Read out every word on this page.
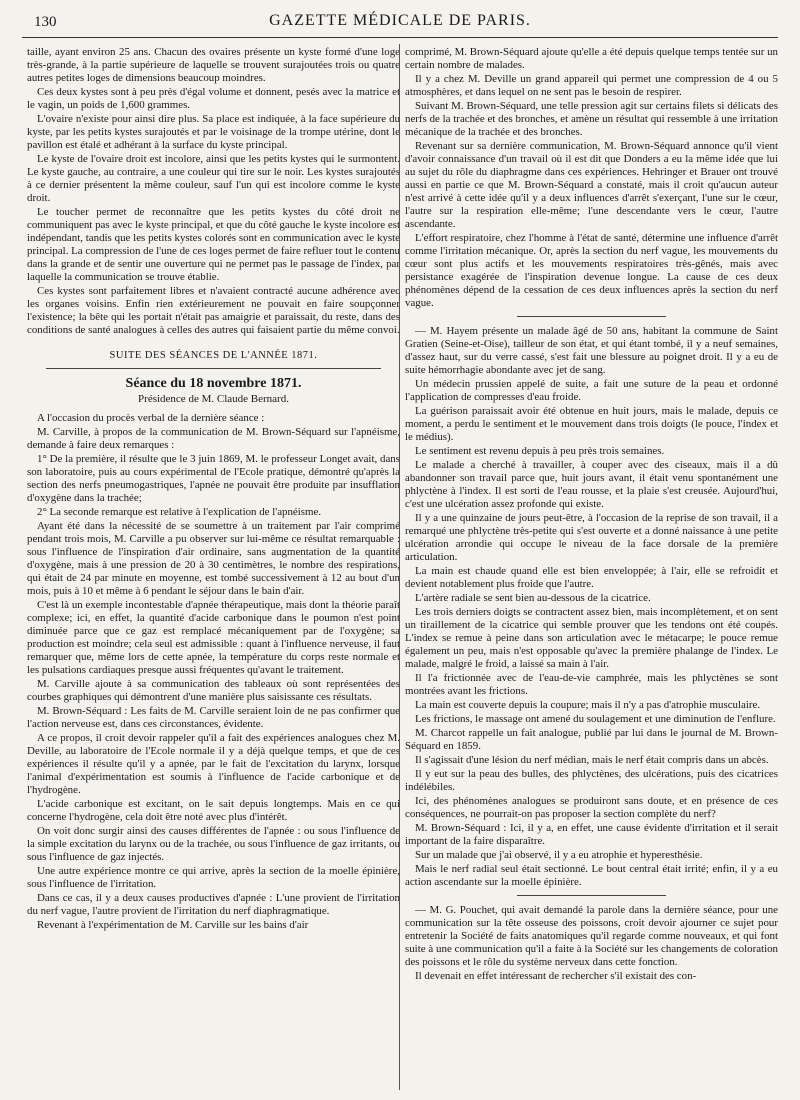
130	GAZETTE MÉDICALE DE PARIS.

taille, ayant environ 25 ans. Chacun des ovaires présente un kyste formé d'une loge très-grande, à la partie supérieure de laquelle se trouvent surajoutées trois ou quatre autres petites loges de dimensions beaucoup moindres.

Ces deux kystes sont à peu près d'égal volume et donnent, pesés avec la matrice et le vagin, un poids de 1,600 grammes.

L'ovaire n'existe pour ainsi dire plus. Sa place est indiquée, à la face supérieure du kyste, par les petits kystes surajoutés et par le voisinage de la trompe utérine, dont le pavillon est étalé et adhérant à la surface du kyste principal.

Le kyste de l'ovaire droit est incolore, ainsi que les petits kystes qui le surmontent. Le kyste gauche, au contraire, a une couleur qui tire sur le noir. Les kystes surajoutés à ce dernier présentent la même couleur, sauf l'un qui est incolore comme le kyste droit.

Le toucher permet de reconnaître que les petits kystes du côté droit ne communiquent pas avec le kyste principal, et que du côté gauche le kyste incolore est indépendant, tandis que les petits kystes colorés sont en communication avec le kyste principal. La compression de l'une de ces loges permet de faire refluer tout le contenu dans la grande et de sentir une ouverture qui ne permet pas le passage de l'index, par laquelle la communication se trouve établie.

Ces kystes sont parfaitement libres et n'avaient contracté aucune adhérence avec les organes voisins. Enfin rien extérieurement ne pouvait en faire soupçonner l'existence; la bête qui les portait n'était pas amaigrie et paraissait, du reste, dans des conditions de santé analogues à celles des autres qui faisaient partie du même convoi.

SUITE DES SÉANCES DE L'ANNÉE 1871.
Séance du 18 novembre 1871.
Présidence de M. Claude Bernard.

A l'occasion du procès verbal de la dernière séance :

M. Carville, à propos de la communication de M. Brown-Séquard sur l'apnéisme, demande à faire deux remarques :

1° De la première, il résulte que le 3 juin 1869, M. le professeur Longet avait, dans son laboratoire, puis au cours expérimental de l'Ecole pratique, démontré qu'après la section des nerfs pneumogastriques, l'apnée ne pouvait être produite par insufflation d'oxygène dans la trachée;

2° La seconde remarque est relative à l'explication de l'apnéisme.

Ayant été dans la nécessité de se soumettre à un traitement par l'air comprimé pendant trois mois, M. Carville a pu observer sur lui-même ce résultat remarquable : sous l'influence de l'inspiration d'air ordinaire, sans augmentation de la quantité d'oxygène, mais à une pression de 20 à 30 centimètres, le nombre des respirations, qui était de 24 par minute en moyenne, est tombé successivement à 12 au bout d'un mois, puis à 10 et même à 6 pendant le séjour dans le bain d'air.

C'est là un exemple incontestable d'apnée thérapeutique, mais dont la théorie paraît complexe; ici, en effet, la quantité d'acide carbonique dans le poumon n'est point diminuée parce que ce gaz est remplacé mécaniquement par de l'oxygène; sa production est moindre; cela seul est admissible : quant à l'influence nerveuse, il faut remarquer que, même lors de cette apnée, la température du corps reste normale et les pulsations cardiaques presque aussi fréquentes qu'avant le traitement.

M. Carville ajoute à sa communication des tableaux où sont représentées des courbes graphiques qui démontrent d'une manière plus saisissante ces résultats.

M. Brown-Séquard : Les faits de M. Carville seraient loin de ne pas confirmer que l'action nerveuse est, dans ces circonstances, évidente.

A ce propos, il croit devoir rappeler qu'il a fait des expériences analogues chez M. Deville, au laboratoire de l'Ecole normale il y a déjà quelque temps, et que de ces expériences il résulte qu'il y a apnée, par le fait de l'excitation du larynx, lorsque l'animal d'expérimentation est soumis à l'influence de l'acide carbonique et de l'hydrogène.

L'acide carbonique est excitant, on le sait depuis longtemps. Mais en ce qui concerne l'hydrogène, cela doit être noté avec plus d'intérêt.

On voit donc surgir ainsi des causes différentes de l'apnée : ou sous l'influence de la simple excitation du larynx ou de la trachée, ou sous l'influence de gaz irritants, ou sous l'influence de gaz injectés.

Une autre expérience montre ce qui arrive, après la section de la moelle épinière, sous l'influence de l'irritation.

Dans ce cas, il y a deux causes productives d'apnée : L'une provient de l'irritation du nerf vague, l'autre provient de l'irritation du nerf diaphragmatique.

Revenant à l'expérimentation de M. Carville sur les bains d'air

comprimé, M. Brown-Séquard ajoute qu'elle a été depuis quelque temps tentée sur un certain nombre de malades.

Il y a chez M. Deville un grand appareil qui permet une compression de 4 ou 5 atmosphères, et dans lequel on ne sent pas le besoin de respirer.

Suivant M. Brown-Séquard, une telle pression agit sur certains filets si délicats des nerfs de la trachée et des bronches, et amène un résultat qui ressemble à une irritation mécanique de la trachée et des bronches.

Revenant sur sa dernière communication, M. Brown-Séquard annonce qu'il vient d'avoir connaissance d'un travail où il est dit que Donders a eu la même idée que lui au sujet du rôle du diaphragme dans ces expériences. Hehringer et Brauer ont trouvé aussi en partie ce que M. Brown-Séquard a constaté, mais il croit qu'aucun auteur n'est arrivé à cette idée qu'il y a deux influences d'arrêt s'exerçant, l'une sur le cœur, l'autre sur la respiration elle-même; l'une descendante vers le cœur, l'autre ascendante.

L'effort respiratoire, chez l'homme à l'état de santé, détermine une influence d'arrêt comme l'irritation mécanique. Or, après la section du nerf vague, les mouvements du cœur sont plus actifs et les mouvements respiratoires très-gênés, mais avec persistance exagérée de l'inspiration devenue longue. La cause de ces deux phénomènes dépend de la cessation de ces deux influences après la section du nerf vague.

— M. Hayem présente un malade âgé de 50 ans, habitant la commune de Saint Gratien (Seine-et-Oise), tailleur de son état, et qui étant tombé, il y a neuf semaines, d'assez haut, sur du verre cassé, s'est fait une blessure au poignet droit. Il y a eu de suite hémorrhagie abondante avec jet de sang.

Un médecin prussien appelé de suite, a fait une suture de la peau et ordonné l'application de compresses d'eau froide.

La guérison paraissait avoir été obtenue en huit jours, mais le malade, depuis ce moment, a perdu le sentiment et le mouvement dans trois doigts (le pouce, l'index et le médius).

Le sentiment est revenu depuis à peu près trois semaines.

Le malade a cherché à travailler, à couper avec des ciseaux, mais il a dû abandonner son travail parce que, huit jours avant, il était venu spontanément une phlyctène à l'index. Il est sorti de l'eau rousse, et la plaie s'est creusée. Aujourd'hui, c'est une ulcération assez profonde qui existe.

Il y a une quinzaine de jours peut-être, à l'occasion de la reprise de son travail, il a remarqué une phlyctène très-petite qui s'est ouverte et a donné naissance à une petite ulcération arrondie qui occupe le niveau de la face dorsale de la première articulation.

La main est chaude quand elle est bien enveloppée; à l'air, elle se refroidit et devient notablement plus froide que l'autre.

L'artère radiale se sent bien au-dessous de la cicatrice.

Les trois derniers doigts se contractent assez bien, mais incomplètement, et on sent un tiraillement de la cicatrice qui semble prouver que les tendons ont été coupés. L'index se remue à peine dans son articulation avec le métacarpe; le pouce remue également un peu, mais n'est opposable qu'avec la première phalange de l'index. Le malade, malgré le froid, a laissé sa main à l'air.

Il l'a frictionnée avec de l'eau-de-vie camphrée, mais les phlyctènes se sont montrées avant les frictions.

La main est couverte depuis la coupure; mais il n'y a pas d'atrophie musculaire.

Les frictions, le massage ont amené du soulagement et une diminution de l'enflure.

M. Charcot rappelle un fait analogue, publié par lui dans le journal de M. Brown-Séquard en 1859.

Il s'agissait d'une lésion du nerf médian, mais le nerf était compris dans un abcès.

Il y eut sur la peau des bulles, des phlyctènes, des ulcérations, puis des cicatrices indélébiles.

Ici, des phénomènes analogues se produiront sans doute, et en présence de ces conséquences, ne pourrait-on pas proposer la section complète du nerf?

M. Brown-Séquard : Ici, il y a, en effet, une cause évidente d'irritation et il serait important de la faire disparaître.

Sur un malade que j'ai observé, il y a eu atrophie et hyperesthésie.

Mais le nerf radial seul était sectionné. Le bout central était irrité; enfin, il y a eu action ascendante sur la moelle épinière.

— M. G. Pouchet, qui avait demandé la parole dans la dernière séance, pour une communication sur la tête osseuse des poissons, croit devoir ajourner ce sujet pour entretenir la Société de faits anatomiques qu'il regarde comme nouveaux, et qui font suite à une communication qu'il a faite à la Société sur les changements de coloration des poissons et le rôle du système nerveux dans cette fonction.

Il devenait en effet intéressant de rechercher s'il existait des con-
